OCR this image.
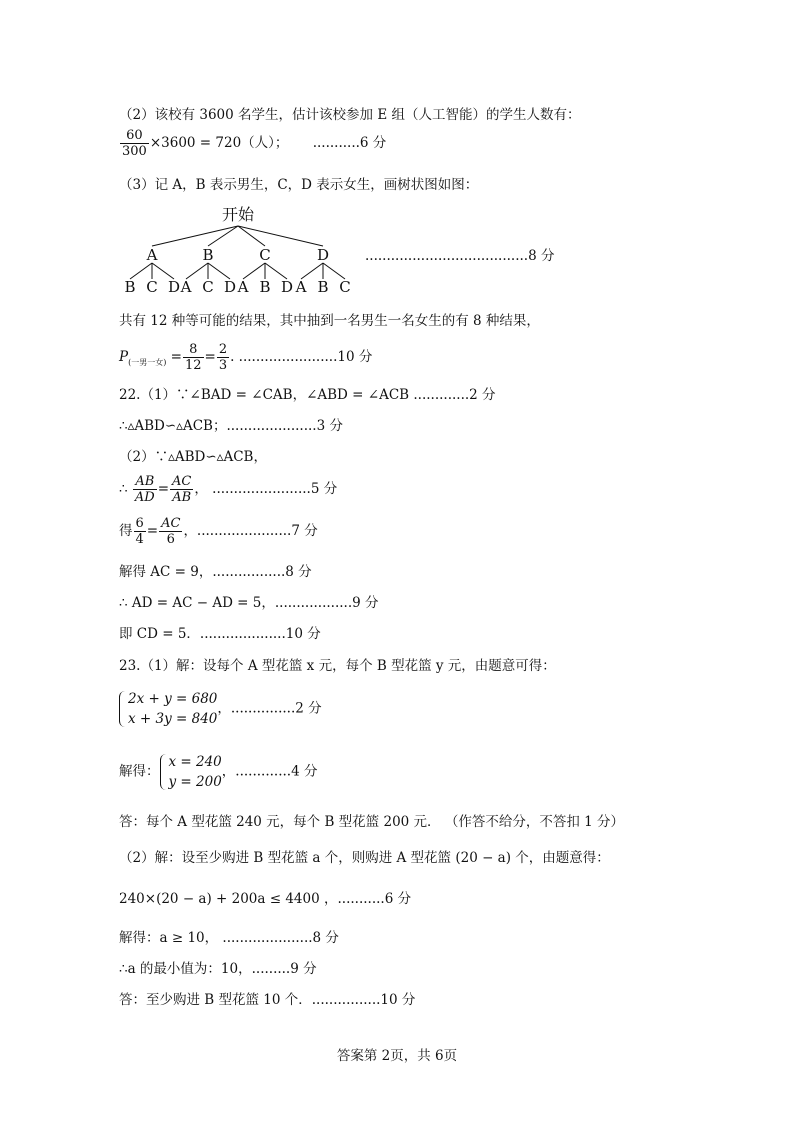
（2）该校有 3600 名学生，估计该校参加 E 组（人工智能）的学生人数有：
$\frac{60}{300} \times 3600 = 720$（人）； ...........6 分
（3）记 A，B 表示男生，C，D 表示女生，画树状图如图：
开始
A
B C D
B
A C D
C
A B D
D
A B C
......................................8 分
共有 12 种等可能的结果，其中抽到一名男生一名女生的有 8 种结果，
$P_{(一男一女)} = \frac{8}{12} = \frac{2}{3}$ . .......................10 分
22.（1）∵∠BAD = ∠CAB，∠ABD = ∠ACB .............2 分
∴▵ABD∽▵ACB；.....................3 分
（2）∵▵ABD∽▵ACB，
∴ $\frac{AB}{AD} = \frac{AC}{AB}$ ， .......................5 分
得 $\frac{6}{4} = \frac{AC}{6}$ ，......................7 分
解得 AC = 9，.................8 分
∴ AD = AC − AD = 5，..................9 分
即 CD = 5．....................10 分
23.（1）解：设每个 A 型花篮 x 元，每个 B 型花篮 y 元，由题意可得：
2x + y = 680
x + 3y = 840
，...............2 分
解得：
x = 240
y = 200
，.............4 分
答：每个 A 型花篮 240 元，每个 B 型花篮 200 元． （作答不给分，不答扣 1 分）
（2）解：设至少购进 B 型花篮 a 个，则购进 A 型花篮 (20 − a) 个，由题意得：
240×(20 − a) + 200a ≤ 4400 ，...........6 分
解得：a ≥ 10， .....................8 分
∴a 的最小值为：10，.........9 分
答：至少购进 B 型花篮 10 个．................10 分
答案第 2页，共 6页
